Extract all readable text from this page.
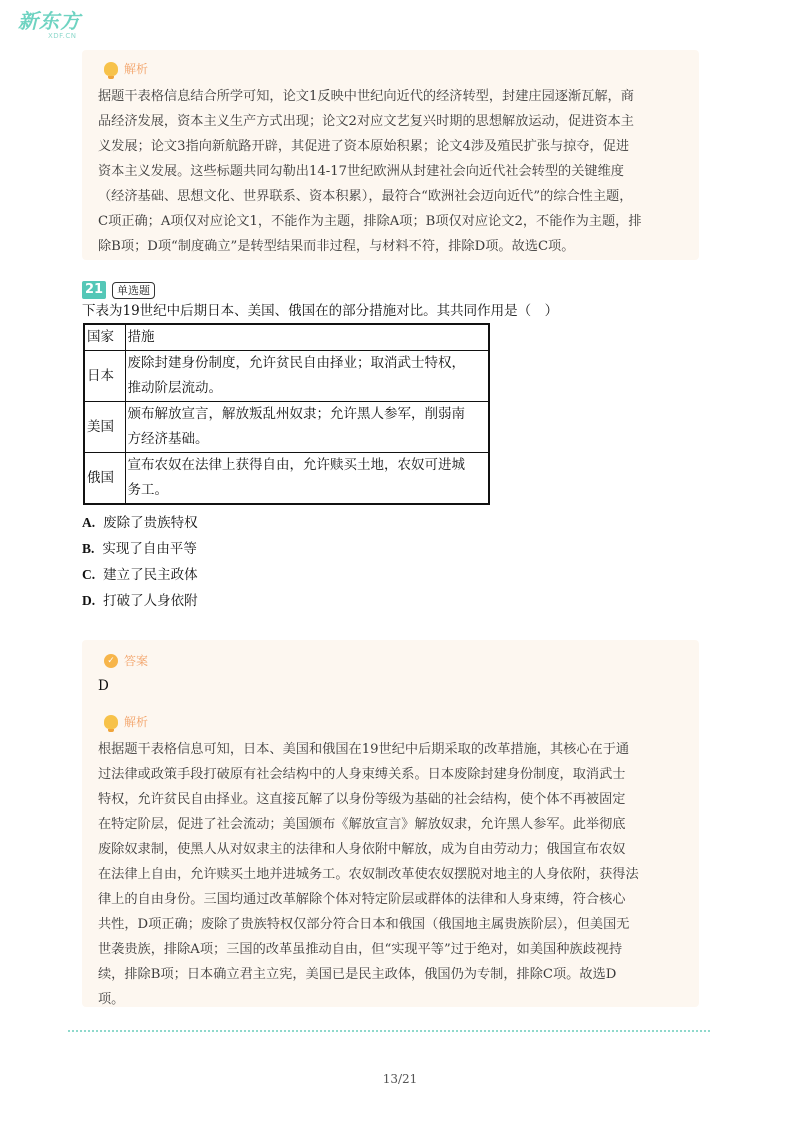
新东方
XDF.CN
解析
据题干表格信息结合所学可知，论文1反映中世纪向近代的经济转型，封建庄园逐渐瓦解，商
品经济发展，资本主义生产方式出现；论文2对应文艺复兴时期的思想解放运动，促进资本主
义发展；论文3指向新航路开辟，其促进了资本原始积累；论文4涉及殖民扩张与掠夺，促进
资本主义发展。这些标题共同勾勒出14-17世纪欧洲从封建社会向近代社会转型的关键维度
（经济基础、思想文化、世界联系、资本积累），最符合“欧洲社会迈向近代”的综合性主题，
C项正确；A项仅对应论文1，不能作为主题，排除A项；B项仅对应论文2，不能作为主题，排
除B项；D项“制度确立”是转型结果而非过程，与材料不符，排除D项。故选C项。
21	单选题
下表为19世纪中后期日本、美国、俄国在的部分措施对比。其共同作用是（　）
国家	措施
日本	废除封建身份制度，允许贫民自由择业；取消武士特权，
推动阶层流动。

美国	颁布解放宣言，解放叛乱州奴隶；允许黑人参军，削弱南
方经济基础。

俄国	宣布农奴在法律上获得自由，允许赎买土地，农奴可进城
务工。
A. 废除了贵族特权
B. 实现了自由平等
C. 建立了民主政体
D. 打破了人身依附
✓ 答案
D
解析
根据题干表格信息可知，日本、美国和俄国在19世纪中后期采取的改革措施，其核心在于通
过法律或政策手段打破原有社会结构中的人身束缚关系。日本废除封建身份制度，取消武士
特权，允许贫民自由择业。这直接瓦解了以身份等级为基础的社会结构，使个体不再被固定
在特定阶层，促进了社会流动；美国颁布《解放宣言》解放奴隶，允许黑人参军。此举彻底
废除奴隶制，使黑人从对奴隶主的法律和人身依附中解放，成为自由劳动力；俄国宣布农奴
在法律上自由，允许赎买土地并进城务工。农奴制改革使农奴摆脱对地主的人身依附，获得法
律上的自由身份。三国均通过改革解除个体对特定阶层或群体的法律和人身束缚，符合核心
共性，D项正确；废除了贵族特权仅部分符合日本和俄国（俄国地主属贵族阶层），但美国无
世袭贵族，排除A项；三国的改革虽推动自由，但“实现平等”过于绝对，如美国种族歧视持
续，排除B项；日本确立君主立宪，美国已是民主政体，俄国仍为专制，排除C项。故选D
项。
13/21
